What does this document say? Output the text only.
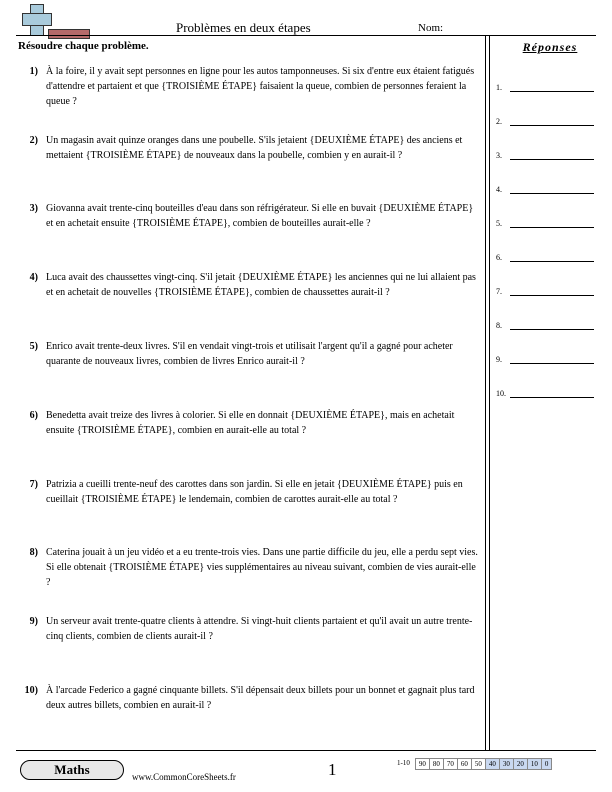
Problèmes en deux étapes	Nom:
Résoudre chaque problème.
1) À la foire, il y avait sept personnes en ligne pour les autos tamponneuses. Si six d'entre eux étaient fatigués d'attendre et partaient et que {TROISIÈME ÉTAPE} faisaient la queue, combien de personnes feraient la queue ?
2) Un magasin avait quinze oranges dans une poubelle. S'ils jetaient {DEUXIÈME ÉTAPE} des anciens et mettaient {TROISIÈME ÉTAPE} de nouveaux dans la poubelle, combien y en aurait-il ?
3) Giovanna avait trente-cinq bouteilles d'eau dans son réfrigérateur. Si elle en buvait {DEUXIÈME ÉTAPE} et en achetait ensuite {TROISIÈME ÉTAPE}, combien de bouteilles aurait-elle ?
4) Luca avait des chaussettes vingt-cinq. S'il jetait {DEUXIÈME ÉTAPE} les anciennes qui ne lui allaient pas et en achetait de nouvelles {TROISIÈME ÉTAPE}, combien de chaussettes aurait-il ?
5) Enrico avait trente-deux livres. S'il en vendait vingt-trois et utilisait l'argent qu'il a gagné pour acheter quarante de nouveaux livres, combien de livres Enrico aurait-il ?
6) Benedetta avait treize des livres à colorier. Si elle en donnait {DEUXIÈME ÉTAPE}, mais en achetait ensuite {TROISIÈME ÉTAPE}, combien en aurait-elle au total ?
7) Patrizia a cueilli trente-neuf des carottes dans son jardin. Si elle en jetait {DEUXIÈME ÉTAPE} puis en cueillait {TROISIÈME ÉTAPE} le lendemain, combien de carottes aurait-elle au total ?
8) Caterina jouait à un jeu vidéo et a eu trente-trois vies. Dans une partie difficile du jeu, elle a perdu sept vies. Si elle obtenait {TROISIÈME ÉTAPE} vies supplémentaires au niveau suivant, combien de vies aurait-elle ?
9) Un serveur avait trente-quatre clients à attendre. Si vingt-huit clients partaient et qu'il avait un autre trente-cinq clients, combien de clients aurait-il ?
10) À l'arcade Federico a gagné cinquante billets. S'il dépensait deux billets pour un bonnet et gagnait plus tard deux autres billets, combien en aurait-il ?
Réponses
1.
2.
3.
4.
5.
6.
7.
8.
9.
10.
Maths	www.CommonCoreSheets.fr	1	1-10	90	80	70	60	50	40	30	20	10	0
